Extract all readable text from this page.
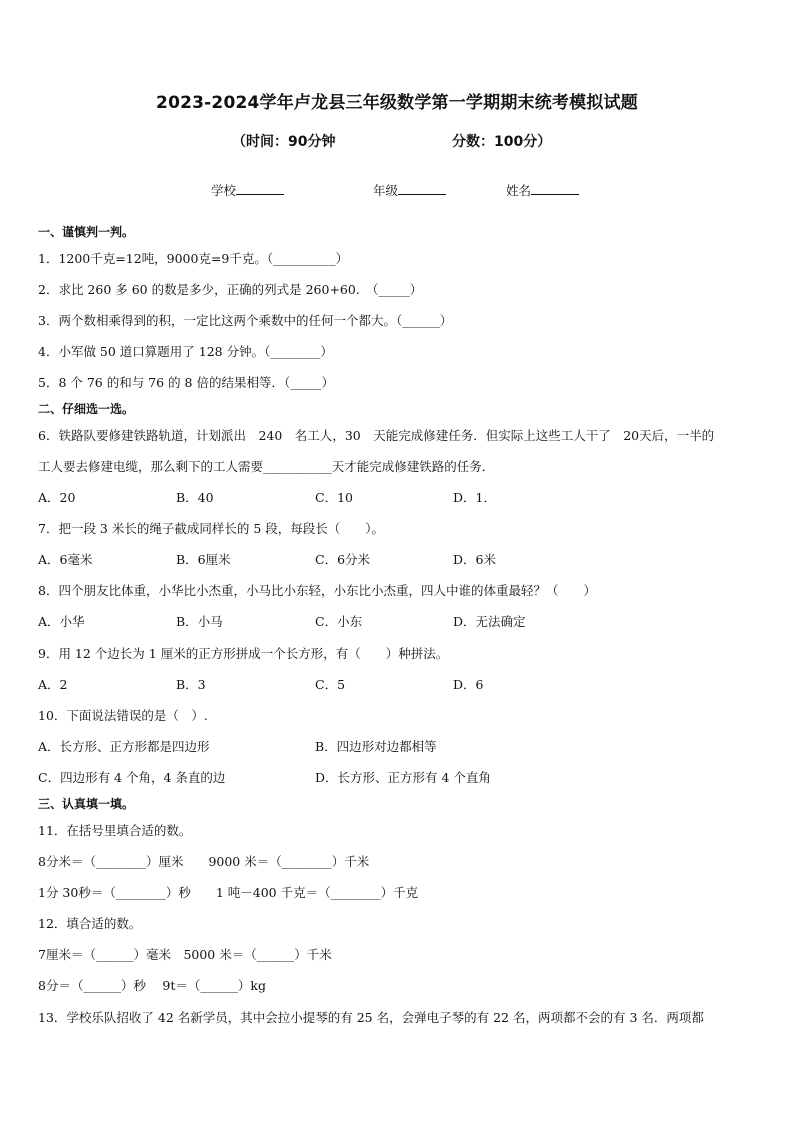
2023-2024学年卢龙县三年级数学第一学期期末统考模拟试题
（时间：90分钟	分数：100分）
学校	年级	姓名
一、谨慎判一判。
1．1200千克=12吨，9000克=9千克。（__________）
2．求比 260 多 60 的数是多少，正确的列式是 260+60.　（_____）
3．两个数相乘得到的积，一定比这两个乘数中的任何一个都大。（______）
4．小军做 50 道口算题用了 128 分钟。（________）
5．8 个 76 的和与 76 的 8 倍的结果相等．（_____）
二、仔细选一选。
6．铁路队要修建铁路轨道，计划派出　240　名工人，30　天能完成修建任务．但实际上这些工人干了　20天后，一半的
工人要去修建电缆，那么剩下的工人需要___________天才能完成修建铁路的任务．
A．20	B．40	C．10	D．1．
7．把一段 3 米长的绳子截成同样长的 5 段，每段长（　　）。
A．6毫米	B．6厘米	C．6分米	D．6米
8．四个朋友比体重，小华比小杰重，小马比小东轻，小东比小杰重，四人中谁的体重最轻？（　　）
A．小华	B．小马	C．小东	D．无法确定
9．用 12 个边长为 1 厘米的正方形拼成一个长方形，有（　　）种拼法。
A．2	B．3	C．5	D．6
10．下面说法错误的是（　）.
A．长方形、正方形都是四边形	B．四边形对边都相等
C．四边形有 4 个角，4 条直的边	D．长方形、正方形有 4 个直角
三、认真填一填。
11．在括号里填合适的数。
8分米＝（________）厘米　　9000 米＝（________）千米
1分 30秒＝（________）秒　　1 吨－400 千克＝（________）千克
12．填合适的数。
7厘米＝（______）毫米　5000 米＝（______）千米
8分＝（______）秒　 9t＝（______）kg
13．学校乐队招收了 42 名新学员，其中会拉小提琴的有 25 名，会弹电子琴的有 22 名，两项都不会的有 3 名．两项都
